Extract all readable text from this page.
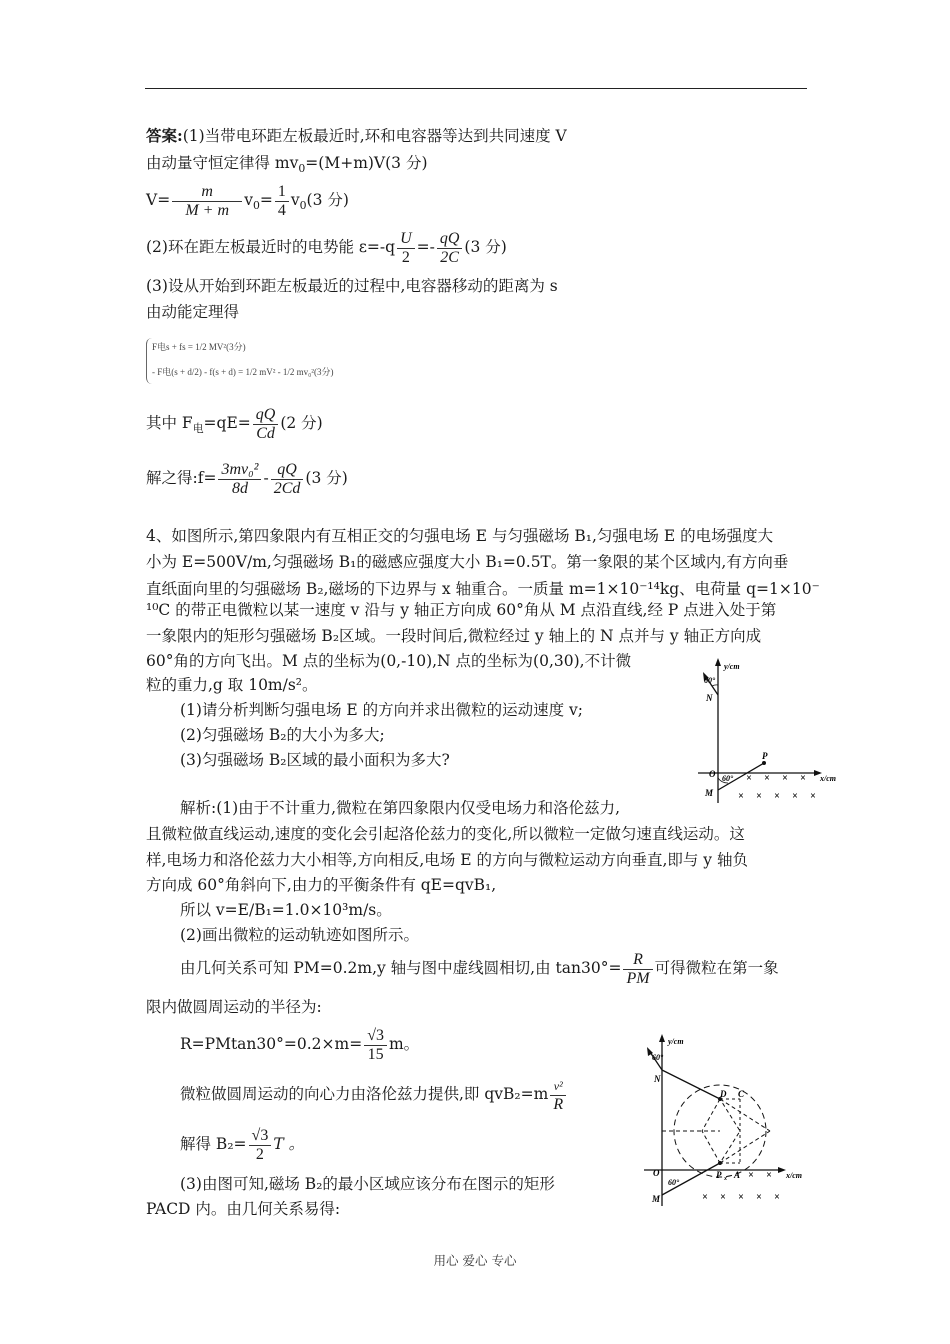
答案:(1)当带电环距左板最近时,环和电容器等达到共同速度 V
由动量守恒定律得 $mv_0=(M+m)V(3$ 分)
$V= \frac{m}{M + m} v_0= \frac{1}{4} v_0(3$ 分)
(2)环在距左板最近时的电势能 $\varepsilon=-q \frac{U}{2} =- \frac{qQ}{2C} (3$ 分)
(3)设从开始到环距左板最近的过程中,电容器移动的距离为 s
由动能定理得
F电s + fs = 1/2 MV²(3分)
- F电(s + d/2) - f(s + d) = 1/2 mV² - 1/2 mv₀²(3分)
其中 $F_电=qE= \frac{qQ}{Cd} (2$ 分)
解之得:f= $\frac{\text{3mv₀²}}{8d} - \frac{qQ}{2Cd} (3$ 分)
4、如图所示,第四象限内有互相正交的匀强电场 E 与匀强磁场 B₁,匀强电场 E 的电场强度大
小为 E=500V/m,匀强磁场 B₁的磁感应强度大小 B₁=0.5T。第一象限的某个区域内,有方向垂
直纸面向里的匀强磁场 B₂,磁场的下边界与 x 轴重合。一质量 m=1×10⁻¹⁴kg、电荷量 q=1×10⁻
¹⁰C 的带正电微粒以某一速度 v 沿与 y 轴正方向成 60°角从 M 点沿直线,经 P 点进入处于第
一象限内的矩形匀强磁场 B₂区域。一段时间后,微粒经过 y 轴上的 N 点并与 y 轴正方向成
60°角的方向飞出。M 点的坐标为(0,-10),N 点的坐标为(0,30),不计微
粒的重力,g 取 10m/s²。
(1)请分析判断匀强电场 E 的方向并求出微粒的运动速度 v;
(2)匀强磁场 B₂的大小为多大;
(3)匀强磁场 B₂区域的最小面积为多大?
y/cm
x/cm
60°
60°
N
O
M
P
× × ×
×
× × × × ×
解析:(1)由于不计重力,微粒在第四象限内仅受电场力和洛伦兹力,
且微粒做直线运动,速度的变化会引起洛伦兹力的变化,所以微粒一定做匀速直线运动。这
样,电场力和洛伦兹力大小相等,方向相反,电场 E 的方向与微粒运动方向垂直,即与 y 轴负
方向成 60°角斜向下,由力的平衡条件有 qE=qvB₁,
所以 v=E/B₁=1.0×10³m/s。
(2)画出微粒的运动轨迹如图所示。
由几何关系可知 PM=0.2m,y 轴与图中虚线圆相切,由 $\tan 30^\circ= \frac{R}{PM}$ 可得微粒在第一象
限内做圆周运动的半径为:
$R=PMtan30^\circ=0.2\times m= \frac{√3}{15}$ m。
微粒做圆周运动的向心力由洛伦兹力提供,即 $qvB_2=m \frac{\text{v²}}{R}$
解得 $B_2= \frac{√3}{2}$ T 。
(3)由图可知,磁场 B₂的最小区域应该分布在图示的矩形
PACD 内。由几何关系易得:
y/cm
x/cm
60°
60°
N
O
M
D C
P x A × ×
× × × × ×
用心 爱心 专心
